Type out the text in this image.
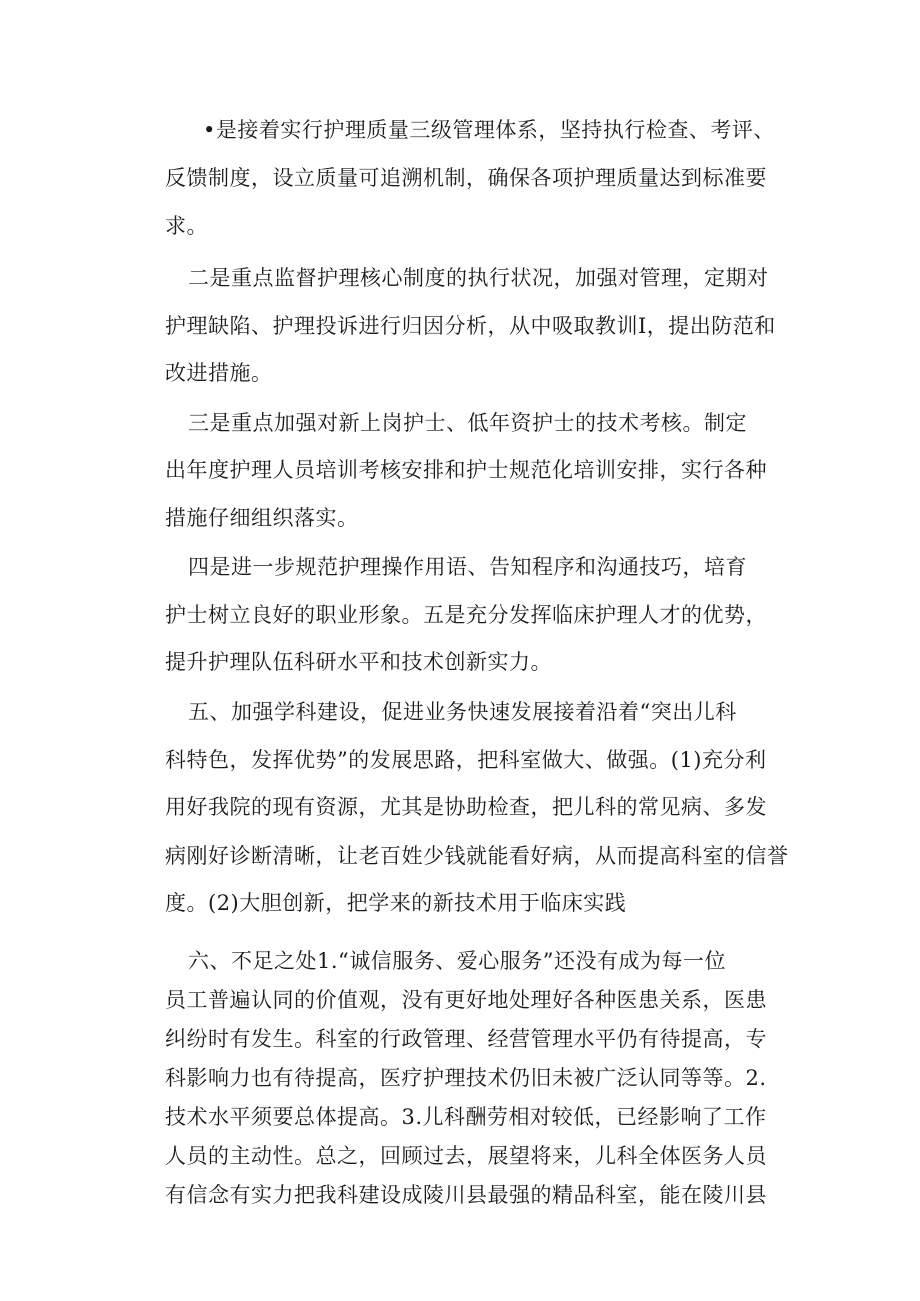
•是接着实行护理质量三级管理体系，坚持执行检查、考评、
反馈制度，设立质量可追溯机制，确保各项护理质量达到标准要
求。
二是重点监督护理核心制度的执行状况，加强对管理，定期对
护理缺陷、护理投诉进行归因分析，从中吸取教训I，提出防范和
改进措施。
三是重点加强对新上岗护士、低年资护士的技术考核。制定
出年度护理人员培训考核安排和护士规范化培训安排，实行各种
措施仔细组织落实。
四是进一步规范护理操作用语、告知程序和沟通技巧，培育
护士树立良好的职业形象。五是充分发挥临床护理人才的优势，
提升护理队伍科研水平和技术创新实力。
五、加强学科建设，促进业务快速发展接着沿着“突出儿科
科特色，发挥优势”的发展思路，把科室做大、做强。(1)充分利
用好我院的现有资源，尤其是协助检查，把儿科的常见病、多发
病刚好诊断清晰，让老百姓少钱就能看好病，从而提高科室的信誉
度。(2)大胆创新，把学来的新技术用于临床实践
六、不足之处1.“诚信服务、爱心服务”还没有成为每一位
员工普遍认同的价值观，没有更好地处理好各种医患关系，医患
纠纷时有发生。科室的行政管理、经营管理水平仍有待提高，专
科影响力也有待提高，医疗护理技术仍旧未被广泛认同等等。2.
技术水平须要总体提高。3.儿科酬劳相对较低，已经影响了工作
人员的主动性。总之，回顾过去，展望将来，儿科全体医务人员
有信念有实力把我科建设成陵川县最强的精品科室，能在陵川县
